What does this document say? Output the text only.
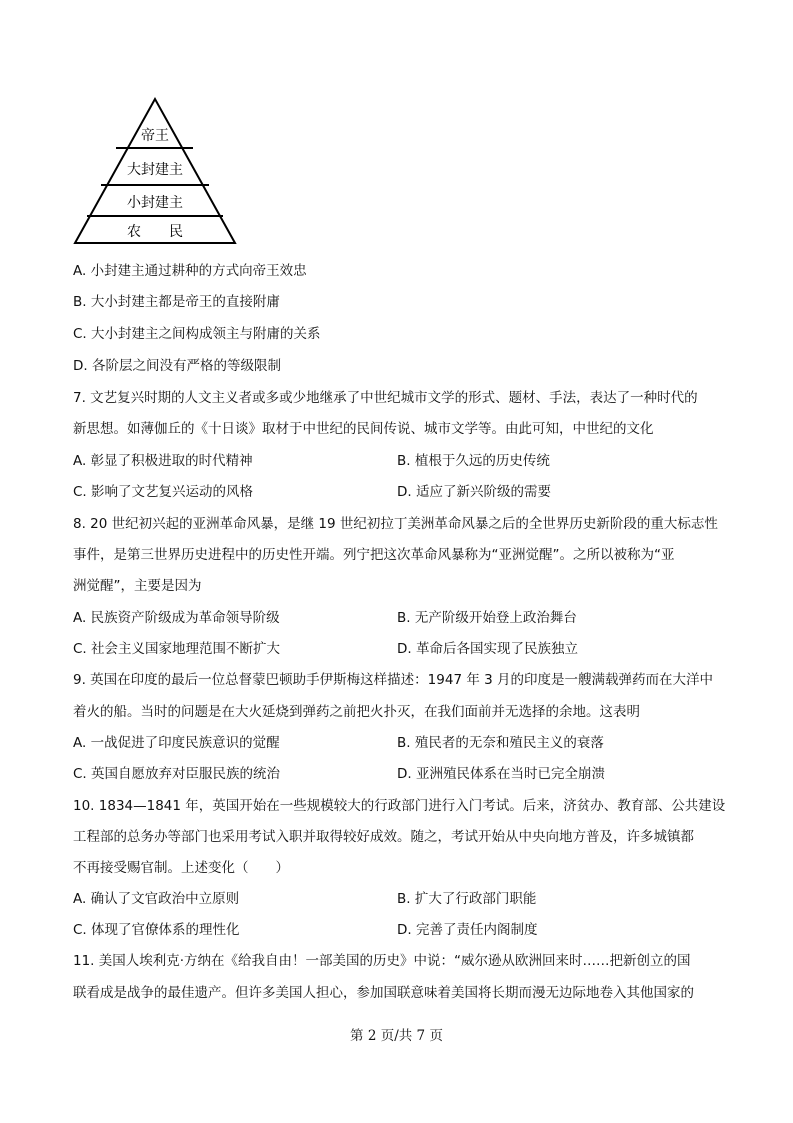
帝王
大封建主
小封建主
农　　民
A. 小封建主通过耕种的方式向帝王效忠
B. 大小封建主都是帝王的直接附庸
C. 大小封建主之间构成领主与附庸的关系
D. 各阶层之间没有严格的等级限制
7. 文艺复兴时期的人文主义者或多或少地继承了中世纪城市文学的形式、题材、手法，表达了一种时代的
新思想。如薄伽丘的《十日谈》取材于中世纪的民间传说、城市文学等。由此可知，中世纪的文化
A. 彰显了积极进取的时代精神	B. 植根于久远的历史传统
C. 影响了文艺复兴运动的风格	D. 适应了新兴阶级的需要
8. 20 世纪初兴起的亚洲革命风暴，是继 19 世纪初拉丁美洲革命风暴之后的全世界历史新阶段的重大标志性
事件，是第三世界历史进程中的历史性开端。列宁把这次革命风暴称为“亚洲觉醒”。之所以被称为“亚
洲觉醒”，主要是因为
A. 民族资产阶级成为革命领导阶级	B. 无产阶级开始登上政治舞台
C. 社会主义国家地理范围不断扩大	D. 革命后各国实现了民族独立
9. 英国在印度的最后一位总督蒙巴顿助手伊斯梅这样描述：1947 年 3 月的印度是一艘满载弹药而在大洋中
着火的船。当时的问题是在大火延烧到弹药之前把火扑灭，在我们面前并无选择的余地。这表明
A. 一战促进了印度民族意识的觉醒	B. 殖民者的无奈和殖民主义的衰落
C. 英国自愿放弃对臣服民族的统治	D. 亚洲殖民体系在当时已完全崩溃
10. 1834—1841 年，英国开始在一些规模较大的行政部门进行入门考试。后来，济贫办、教育部、公共建设
工程部的总务办等部门也采用考试入职并取得较好成效。随之，考试开始从中央向地方普及，许多城镇都
不再接受赐官制。上述变化（　　）
A. 确认了文官政治中立原则	B. 扩大了行政部门职能
C. 体现了官僚体系的理性化	D. 完善了责任内阁制度
11. 美国人埃利克·方纳在《给我自由！一部美国的历史》中说：“威尔逊从欧洲回来时……把新创立的国
联看成是战争的最佳遗产。但许多美国人担心，参加国联意味着美国将长期而漫无边际地卷入其他国家的
第 2 页/共 7 页
